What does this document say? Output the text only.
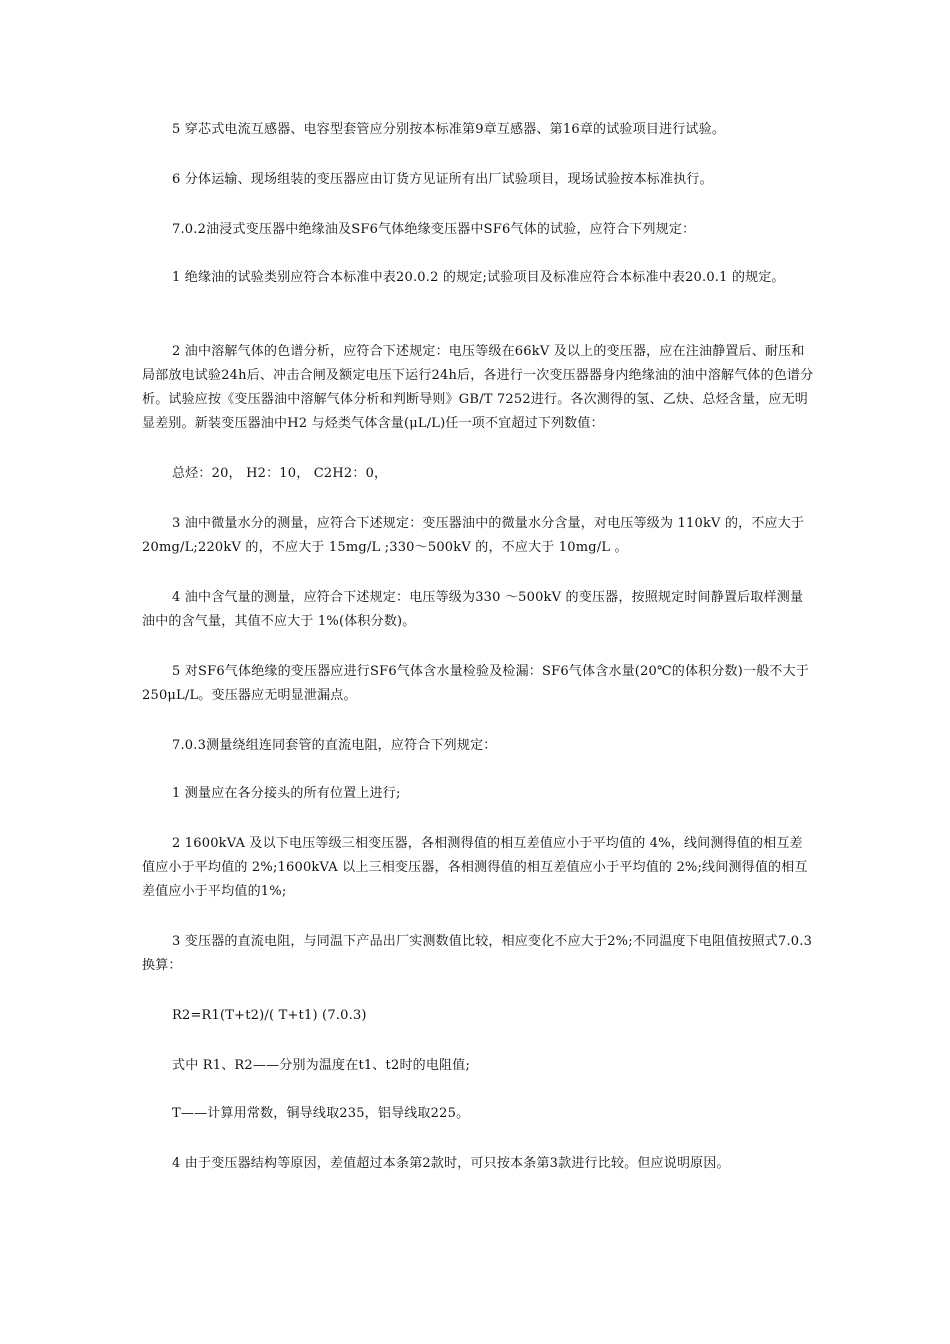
5 穿芯式电流互感器、电容型套管应分别按本标准第9章互感器、第16章的试验项目进行试验。

6 分体运输、现场组装的变压器应由订货方见证所有出厂试验项目，现场试验按本标准执行。

7.0.2油浸式变压器中绝缘油及SF6气体绝缘变压器中SF6气体的试验，应符合下列规定：

1 绝缘油的试验类别应符合本标准中表20.0.2 的规定;试验项目及标准应符合本标准中表20.0.1 的规定。

2 油中溶解气体的色谱分析，应符合下述规定：电压等级在66kV 及以上的变压器，应在注油静置后、耐压和局部放电试验24h后、冲击合闸及额定电压下运行24h后，各进行一次变压器器身内绝缘油的油中溶解气体的色谱分析。试验应按《变压器油中溶解气体分析和判断导则》GB/T 7252进行。各次测得的氢、乙炔、总烃含量，应无明显差别。新装变压器油中H2 与烃类气体含量(μL/L)任一项不宜超过下列数值：

总烃：20， H2：10， C2H2：0，

3 油中微量水分的测量，应符合下述规定：变压器油中的微量水分含量，对电压等级为 110kV 的，不应大于 20mg/L;220kV 的，不应大于 15mg/L ;330～500kV 的，不应大于 10mg/L 。

4 油中含气量的测量，应符合下述规定：电压等级为330 ～500kV 的变压器，按照规定时间静置后取样测量油中的含气量，其值不应大于 1%(体积分数)。

5 对SF6气体绝缘的变压器应进行SF6气体含水量检验及检漏：SF6气体含水量(20℃的体积分数)一般不大于250μL/L。变压器应无明显泄漏点。

7.0.3测量绕组连同套管的直流电阻，应符合下列规定：

1 测量应在各分接头的所有位置上进行;

2 1600kVA 及以下电压等级三相变压器，各相测得值的相互差值应小于平均值的 4%，线间测得值的相互差值应小于平均值的 2%;1600kVA 以上三相变压器，各相测得值的相互差值应小于平均值的 2%;线间测得值的相互差值应小于平均值的1%;

3 变压器的直流电阻，与同温下产品出厂实测数值比较，相应变化不应大于2%;不同温度下电阻值按照式7.0.3换算：

R2=R1(T+t2)/( T+t1) (7.0.3)

式中 R1、R2——分别为温度在t1、t2时的电阻值;

T——计算用常数，铜导线取235，铝导线取225。

4 由于变压器结构等原因，差值超过本条第2款时，可只按本条第3款进行比较。但应说明原因。
